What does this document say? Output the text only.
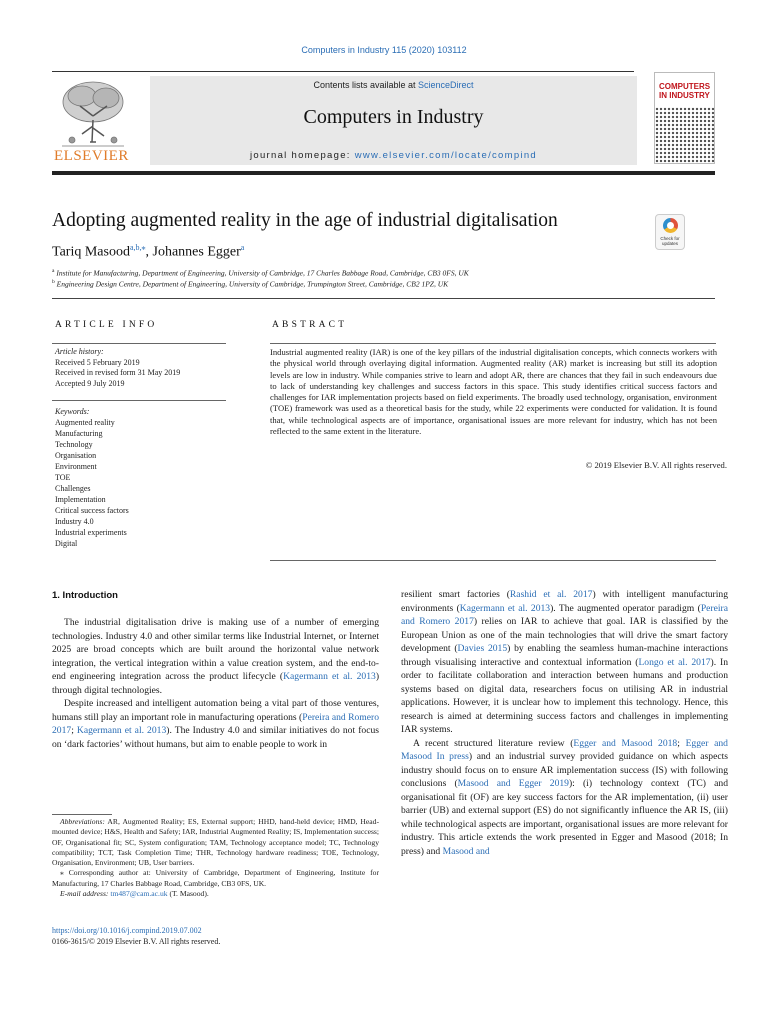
Computers in Industry 115 (2020) 103112
ELSEVIER
Contents lists available at ScienceDirect
Computers in Industry
journal homepage: www.elsevier.com/locate/compind
COMPUTERS IN INDUSTRY
Adopting augmented reality in the age of industrial digitalisation
Check for updates
Tariq Masood$^{a,b,⁎}$, Johannes Egger$^a$
$^a$ Institute for Manufacturing, Department of Engineering, University of Cambridge, 17 Charles Babbage Road, Cambridge, CB3 0FS, UK
$^b$ Engineering Design Centre, Department of Engineering, University of Cambridge, Trumpington Street, Cambridge, CB2 1PZ, UK
ARTICLE INFO	ABSTRACT
Article history:
Received 5 February 2019
Received in revised form 31 May 2019
Accepted 9 July 2019
Keywords:
Augmented reality
Manufacturing
Technology
Organisation
Environment
TOE
Challenges
Implementation
Critical success factors
Industry 4.0
Industrial experiments
Digital
Industrial augmented reality (IAR) is one of the key pillars of the industrial digitalisation concepts, which connects workers with the physical world through overlaying digital information. Augmented reality (AR) market is increasing but still its adoption levels are low in industry. While companies strive to learn and adopt AR, there are chances that they fail in such endeavours due to lack of understanding key challenges and success factors in this space. This study identifies critical success factors and challenges for IAR implementation projects based on field experiments. The broadly used technology, organisation, environment (TOE) framework was used as a theoretical basis for the study, while 22 experiments were conducted for validation. It is found that, while technological aspects are of importance, organisational issues are more relevant for industry, which has not been reflected to the same extent in the literature.
© 2019 Elsevier B.V. All rights reserved.
1. Introduction

The industrial digitalisation drive is making use of a number of emerging technologies. Industry 4.0 and other similar terms like Industrial Internet, or Internet 2025 are broad concepts which are built around the horizontal value network integration, the vertical integration within a value creation system, and the end-to-end engineering integration across the product lifecycle (Kagermann et al. 2013) through digital technologies.

Despite increased and intelligent automation being a vital part of those ventures, humans still play an important role in manufacturing operations (Pereira and Romero 2017; Kagermann et al. 2013). The Industry 4.0 and similar initiatives do not focus on ‘dark factories’ without humans, but aim to enable people to work in

resilient smart factories (Rashid et al. 2017) with intelligent manufacturing environments (Kagermann et al. 2013). The augmented operator paradigm (Pereira and Romero 2017) relies on IAR to achieve that goal. IAR is classified by the European Union as one of the main technologies that will drive the smart factory development (Davies 2015) by enabling the seamless human-machine interactions through visualising interactive and contextual information (Longo et al. 2017). In order to facilitate collaboration and interaction between humans and production systems based on digital data, researchers focus on utilising AR in industrial applications. However, it is unclear how to implement this technology. Hence, this research is aimed at determining success factors and challenges in implementing IAR systems.

A recent structured literature review (Egger and Masood 2018; Egger and Masood In press) and an industrial survey provided guidance on which aspects industry should focus on to ensure AR implementation success (IS) with following conclusions (Masood and Egger 2019): (i) technology context (TC) and organisational fit (OF) are key success factors for the AR implementation, (ii) user barrier (UB) and external support (ES) do not significantly influence the AR IS, (iii) while technological aspects are important, organisational issues are more relevant for industry. This article extends the work presented in Egger and Masood (2018; In press) and Masood and

Abbreviations: AR, Augmented Reality; ES, External support; HHD, hand-held device; HMD, Head-mounted device; H&S, Health and Safety; IAR, Industrial Augmented Reality; IS, Implementation success; OF, Organisational fit; SC, System configuration; TAM, Technology acceptance model; TC, Technology compatibility; TCT, Task Completion Time; THR, Technology hardware readiness; TOE, Technology, Organisation, Environment; UB, User barriers.

⁎ Corresponding author at: University of Cambridge, Department of Engineering, Institute for Manufacturing, 17 Charles Babbage Road, Cambridge, CB3 0FS, UK.

E-mail address: tm487@cam.ac.uk (T. Masood).

https://doi.org/10.1016/j.compind.2019.07.002
0166-3615/© 2019 Elsevier B.V. All rights reserved.
